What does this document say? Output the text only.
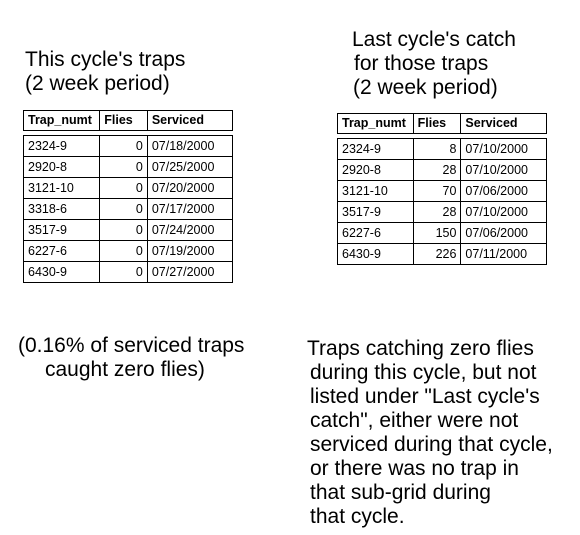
This cycle's traps
(2 week period)
Last cycle's catch
for those traps
(2 week period)
Trap_numt Flies	Serviced
2324-9	0 07/18/2000
2920-8	0 07/25/2000
3121-10	0 07/20/2000
3318-6	0 07/17/2000
3517-9	0 07/24/2000
6227-6	0 07/19/2000
6430-9	0 07/27/2000
Trap_numt Flies	Serviced
2324-9	8 07/10/2000
2920-8	28 07/10/2000
3121-10	70 07/06/2000
3517-9	28 07/10/2000
6227-6	150 07/06/2000
6430-9	226 07/11/2000
(0.16% of serviced traps
caught zero flies)
Traps catching zero flies
during this cycle, but not
listed under "Last cycle's
catch", either were not
serviced during that cycle,
or there was no trap in
that sub-grid during
that cycle.
